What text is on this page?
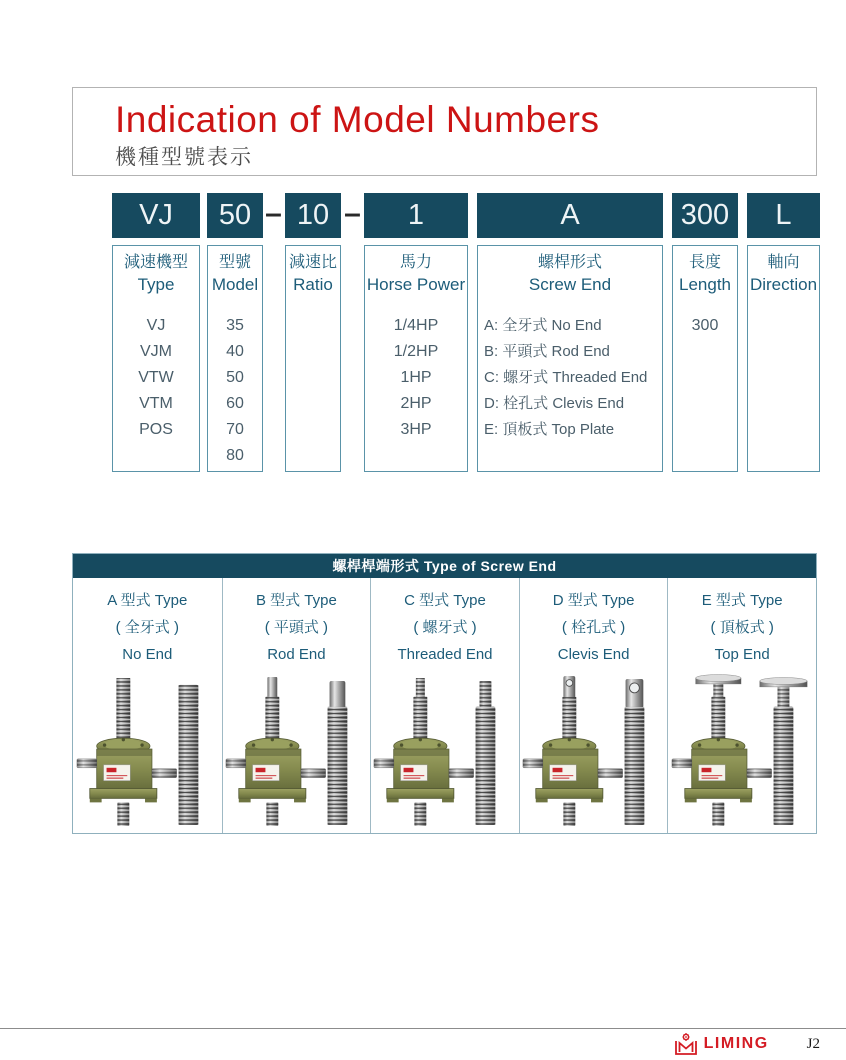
Indication of Model Numbers
機種型號表示
VJ	50 – 10 –	1	A	300	L
減速機型
Type
VJ
VJM
VTW
VTM
POS
型號
Model
35
40
50
60
70
80
減速比
Ratio
馬力
Horse Power
1/4HP
1/2HP
1HP
2HP
3HP
螺桿形式
Screw End
A: 全牙式 No End
B: 平頭式 Rod End
C: 螺牙式 Threaded End
D: 栓孔式 Clevis End
E: 頂板式 Top Plate
長度
Length
300
軸向
Direction
螺桿桿端形式 Type of Screw End
A 型式 Type
( 全牙式 )
No End
B 型式 Type
( 平頭式 )
Rod End
C 型式 Type
( 螺牙式 )
Threaded End
D 型式 Type
( 栓孔式 )
Clevis End
E 型式 Type
( 頂板式 )
Top End
LIMING	J2
